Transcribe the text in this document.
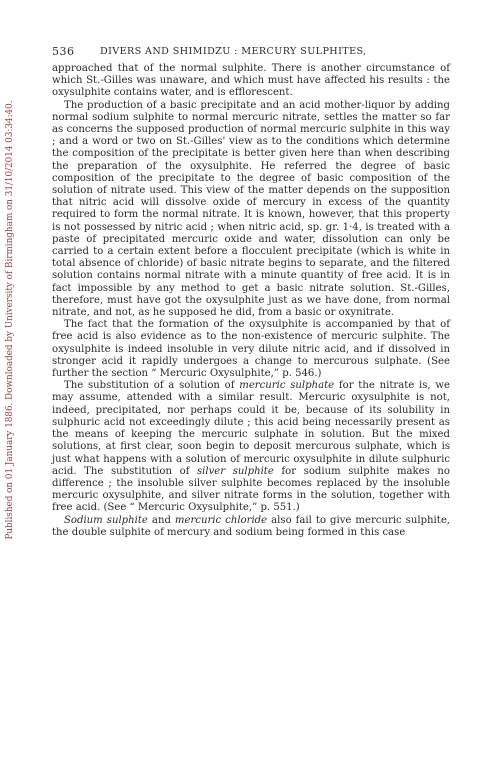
Published on 01 January 1886. Downloaded by University of Birmingham on 31/10/2014 03:34:40.
536	DIVERS AND SHIMIDZU : MERCURY SULPHITES,

approached that of the normal sulphite. There is another circumstance of which St.-Gilles was unaware, and which must have affected his results : the oxysulphite contains water, and is efflorescent.

The production of a basic precipitate and an acid mother-liquor by adding normal sodium sulphite to normal mercuric nitrate, settles the matter so far as concerns the supposed production of normal mercuric sulphite in this way ; and a word or two on St.-Gilles' view as to the conditions which determine the composition of the precipitate is better given here than when describing the preparation of the oxysulphite. He referred the degree of basic composition of the precipitate to the degree of basic composition of the solution of nitrate used. This view of the matter depends on the supposition that nitric acid will dissolve oxide of mercury in excess of the quantity required to form the normal nitrate. It is known, however, that this property is not possessed by nitric acid ; when nitric acid, sp. gr. 1·4, is treated with a paste of precipitated mercuric oxide and water, dissolution can only be carried to a certain extent before a flocculent precipitate (which is white in total absence of chloride) of basic nitrate begins to separate, and the filtered solution contains normal nitrate with a minute quantity of free acid. It is in fact impossible by any method to get a basic nitrate solution. St.-Gilles, therefore, must have got the oxysulphite just as we have done, from normal nitrate, and not, as he supposed he did, from a basic or oxynitrate.

The fact that the formation of the oxysulphite is accompanied by that of free acid is also evidence as to the non-existence of mercuric sulphite. The oxysulphite is indeed insoluble in very dilute nitric acid, and if dissolved in stronger acid it rapidly undergoes a change to mercurous sulphate. (See further the section “ Mercuric Oxysulphite,” p. 546.)

The substitution of a solution of mercuric sulphate for the nitrate is, we may assume, attended with a similar result. Mercuric oxysulphite is not, indeed, precipitated, nor perhaps could it be, because of its solubility in sulphuric acid not exceedingly dilute ; this acid being necessarily present as the means of keeping the mercuric sulphate in solution. But the mixed solutions, at first clear, soon begin to deposit mercurous sulphate, which is just what happens with a solution of mercuric oxysulphite in dilute sulphuric acid. The substitution of silver sulphite for sodium sulphite makes no difference ; the insoluble silver sulphite becomes replaced by the insoluble mercuric oxysulphite, and silver nitrate forms in the solution, together with free acid. (See “ Mercuric Oxysulphite,” p. 551.)

Sodium sulphite and mercuric chloride also fail to give mercuric sulphite, the double sulphite of mercury and sodium being formed in this case
